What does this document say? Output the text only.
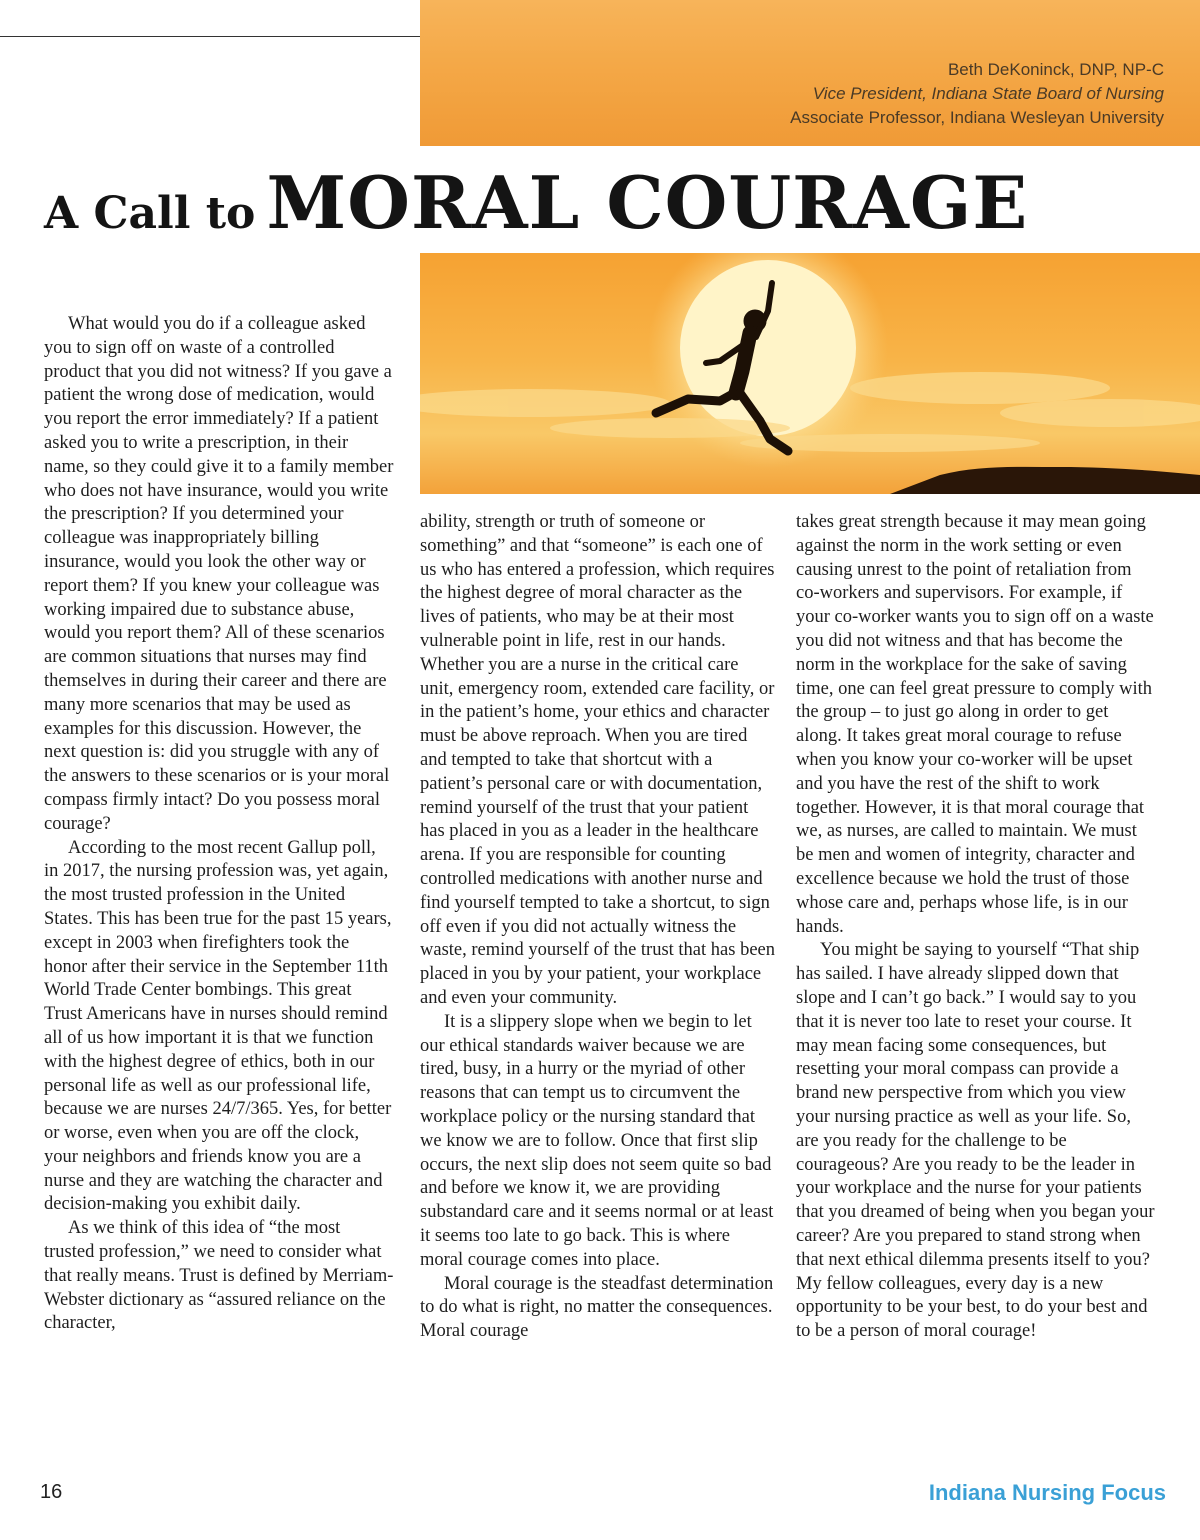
Beth DeKoninck, DNP, NP-C
Vice President, Indiana State Board of Nursing
Associate Professor, Indiana Wesleyan University
A Call to MORAL COURAGE

What would you do if a colleague asked you to sign off on waste of a controlled product that you did not witness? If you gave a patient the wrong dose of medication, would you report the error immediately? If a patient asked you to write a prescription, in their name, so they could give it to a family member who does not have insurance, would you write the prescription? If you determined your colleague was inappropriately billing insurance, would you look the other way or report them? If you knew your colleague was working impaired due to substance abuse, would you report them? All of these scenarios are common situations that nurses may find themselves in during their career and there are many more scenarios that may be used as examples for this discussion. However, the next question is: did you struggle with any of the answers to these scenarios or is your moral compass firmly intact? Do you possess moral courage?

According to the most recent Gallup poll, in 2017, the nursing profession was, yet again, the most trusted profession in the United States. This has been true for the past 15 years, except in 2003 when firefighters took the honor after their service in the September 11th World Trade Center bombings. This great Trust Americans have in nurses should remind all of us how important it is that we function with the highest degree of ethics, both in our personal life as well as our professional life, because we are nurses 24/7/365. Yes, for better or worse, even when you are off the clock, your neighbors and friends know you are a nurse and they are watching the character and decision-making you exhibit daily.

As we think of this idea of “the most trusted profession,” we need to consider what that really means. Trust is defined by Merriam-Webster dictionary as “assured reliance on the character,

ability, strength or truth of someone or something” and that “someone” is each one of us who has entered a profession, which requires the highest degree of moral character as the lives of patients, who may be at their most vulnerable point in life, rest in our hands. Whether you are a nurse in the critical care unit, emergency room, extended care facility, or in the patient’s home, your ethics and character must be above reproach. When you are tired and tempted to take that shortcut with a patient’s personal care or with documentation, remind yourself of the trust that your patient has placed in you as a leader in the healthcare arena. If you are responsible for counting controlled medications with another nurse and find yourself tempted to take a shortcut, to sign off even if you did not actually witness the waste, remind yourself of the trust that has been placed in you by your patient, your workplace and even your community.

It is a slippery slope when we begin to let our ethical standards waiver because we are tired, busy, in a hurry or the myriad of other reasons that can tempt us to circumvent the workplace policy or the nursing standard that we know we are to follow. Once that first slip occurs, the next slip does not seem quite so bad and before we know it, we are providing substandard care and it seems normal or at least it seems too late to go back. This is where moral courage comes into place.

Moral courage is the steadfast determination to do what is right, no matter the consequences. Moral courage

takes great strength because it may mean going against the norm in the work setting or even causing unrest to the point of retaliation from co-workers and supervisors. For example, if your co-worker wants you to sign off on a waste you did not witness and that has become the norm in the workplace for the sake of saving time, one can feel great pressure to comply with the group – to just go along in order to get along. It takes great moral courage to refuse when you know your co-worker will be upset and you have the rest of the shift to work together. However, it is that moral courage that we, as nurses, are called to maintain. We must be men and women of integrity, character and excellence because we hold the trust of those whose care and, perhaps whose life, is in our hands.

You might be saying to yourself “That ship has sailed. I have already slipped down that slope and I can’t go back.” I would say to you that it is never too late to reset your course. It may mean facing some consequences, but resetting your moral compass can provide a brand new perspective from which you view your nursing practice as well as your life. So, are you ready for the challenge to be courageous? Are you ready to be the leader in your workplace and the nurse for your patients that you dreamed of being when you began your career? Are you prepared to stand strong when that next ethical dilemma presents itself to you? My fellow colleagues, every day is a new opportunity to be your best, to do your best and to be a person of moral courage!

16	Indiana Nursing Focus
